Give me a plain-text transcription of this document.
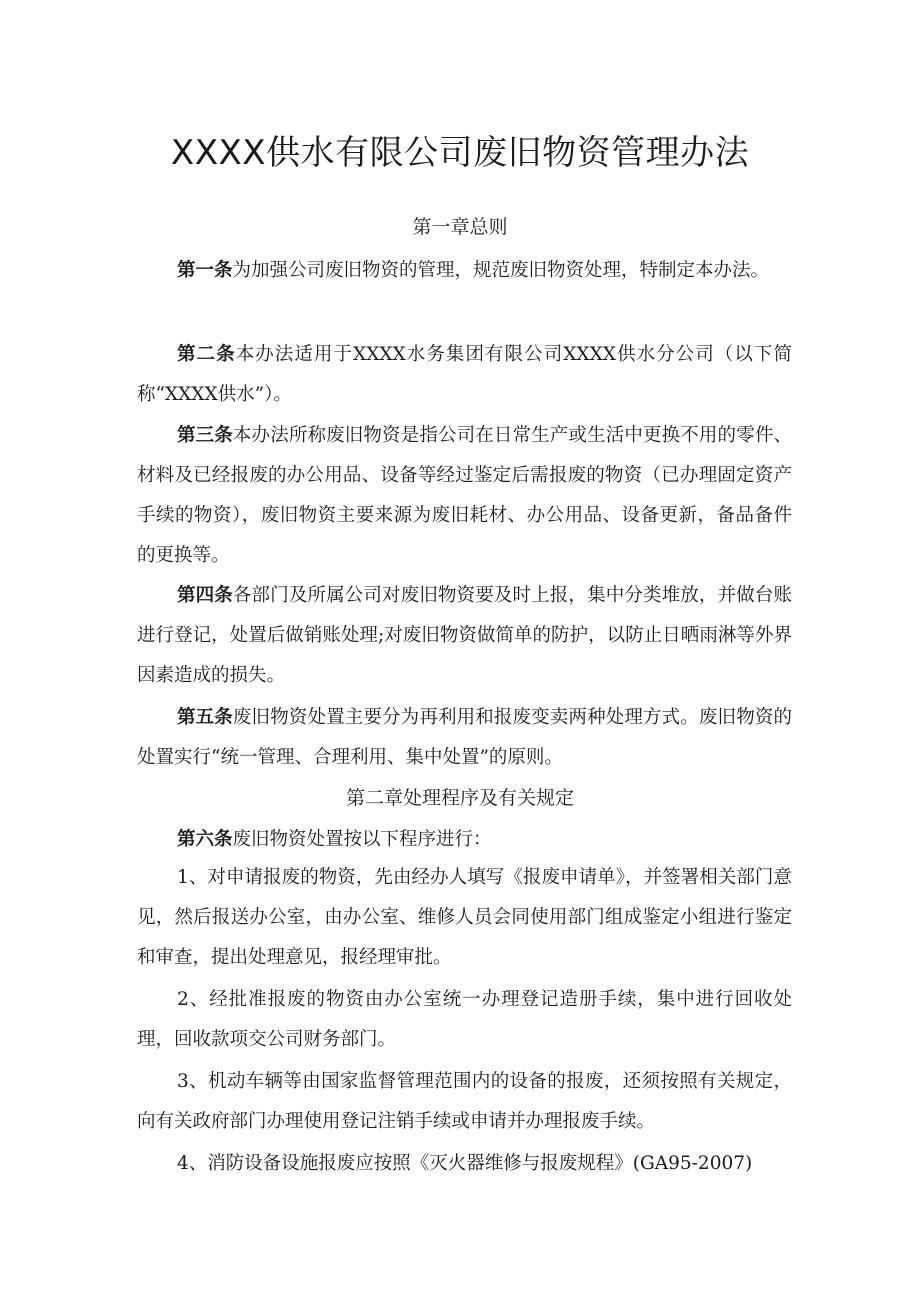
XXXX供水有限公司废旧物资管理办法
第一章总则

第一条为加强公司废旧物资的管理，规范废旧物资处理，特制定本办法。

第二条本办法适用于XXXX水务集团有限公司XXXX供水分公司（以下简称“XXXX供水”）。

第三条本办法所称废旧物资是指公司在日常生产或生活中更换不用的零件、材料及已经报废的办公用品、设备等经过鉴定后需报废的物资（已办理固定资产手续的物资），废旧物资主要来源为废旧耗材、办公用品、设备更新，备品备件的更换等。

第四条各部门及所属公司对废旧物资要及时上报，集中分类堆放，并做台账进行登记，处置后做销账处理;对废旧物资做简单的防护，以防止日晒雨淋等外界因素造成的损失。

第五条废旧物资处置主要分为再利用和报废变卖两种处理方式。废旧物资的处置实行“统一管理、合理利用、集中处置”的原则。

第二章处理程序及有关规定

第六条废旧物资处置按以下程序进行：

1、对申请报废的物资，先由经办人填写《报废申请单》，并签署相关部门意见，然后报送办公室，由办公室、维修人员会同使用部门组成鉴定小组进行鉴定和审查，提出处理意见，报经理审批。

2、经批准报废的物资由办公室统一办理登记造册手续，集中进行回收处理，回收款项交公司财务部门。

3、机动车辆等由国家监督管理范围内的设备的报废，还须按照有关规定，向有关政府部门办理使用登记注销手续或申请并办理报废手续。

4、消防设备设施报废应按照《灭火器维修与报废规程》(GA95-2007)
